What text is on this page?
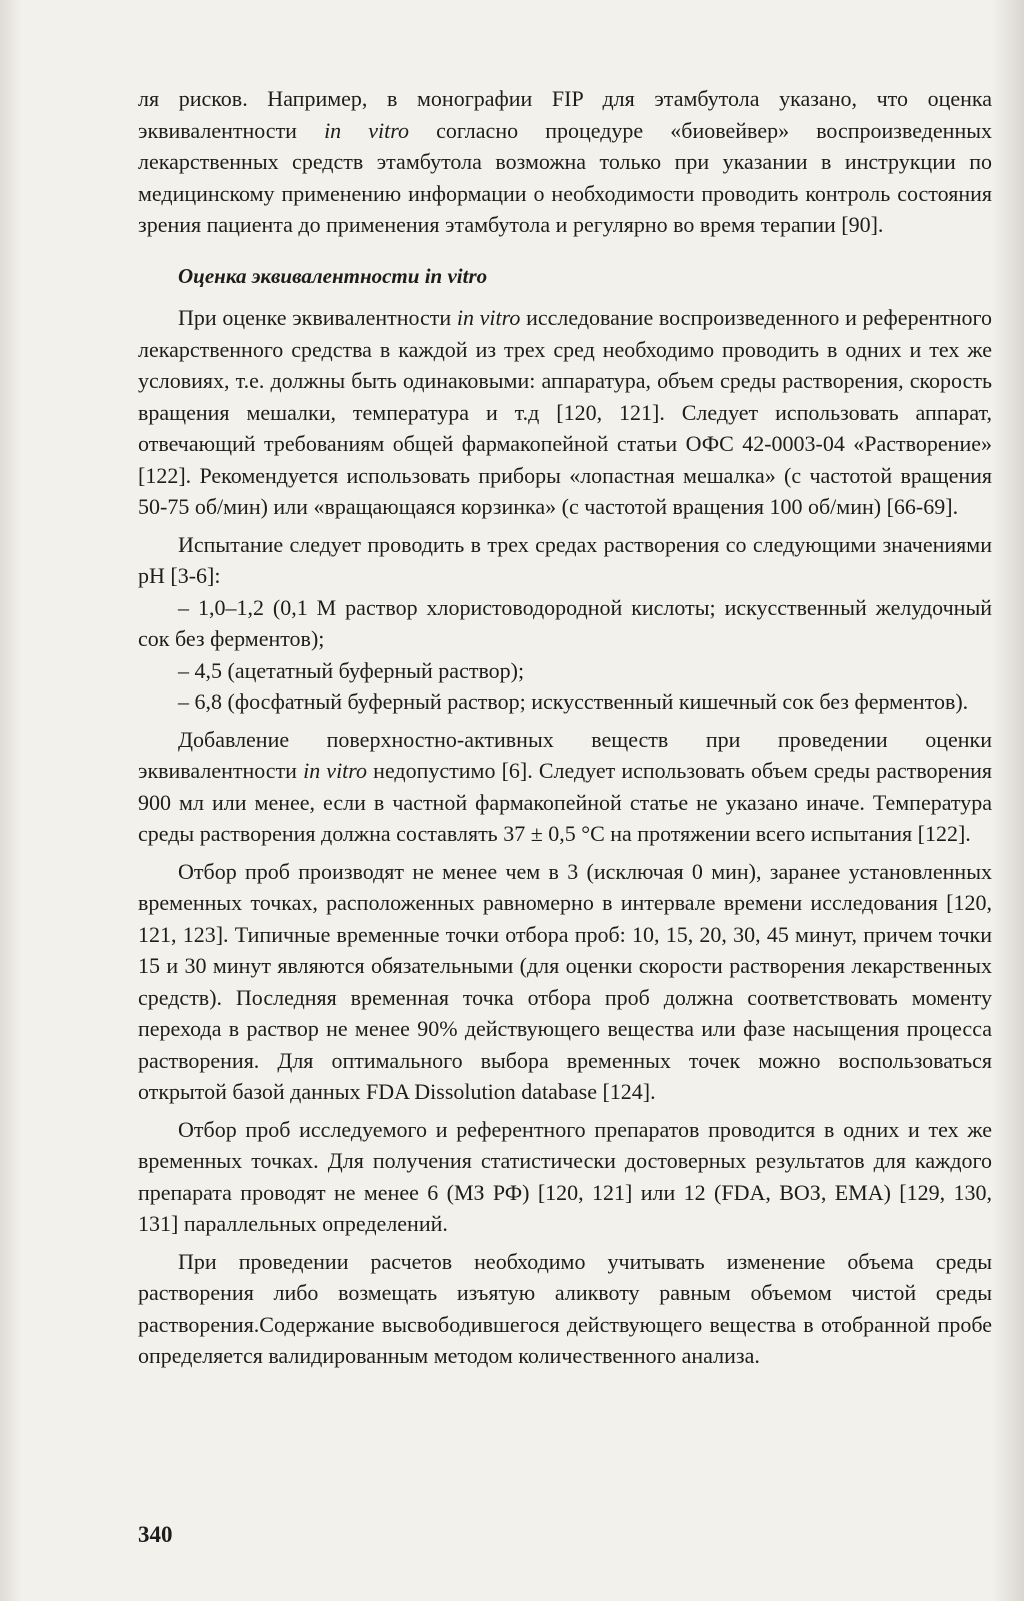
ля рисков. Например, в монографии FIP для этамбутола указано, что оценка эквивалентности in vitro согласно процедуре «биовейвер» воспроизведенных лекарственных средств этамбутола возможна только при указании в инструкции по медицинскому применению информации о необходимости проводить контроль состояния зрения пациента до применения этамбутола и регулярно во время терапии [90].

Оценка эквивалентности in vitro

При оценке эквивалентности in vitro исследование воспроизведенного и референтного лекарственного средства в каждой из трех сред необходимо проводить в одних и тех же условиях, т.е. должны быть одинаковыми: аппаратура, объем среды растворения, скорость вращения мешалки, температура и т.д [120, 121]. Следует использовать аппарат, отвечающий требованиям общей фармакопейной статьи ОФС 42-0003-04 «Растворение» [122]. Рекомендуется использовать приборы «лопастная мешалка» (с частотой вращения 50-75 об/мин) или «вращающаяся корзинка» (с частотой вращения 100 об/мин) [66-69].

Испытание следует проводить в трех средах растворения со следующими значениями рН [3-6]:

– 1,0–1,2 (0,1 М раствор хлористоводородной кислоты; искусственный желудочный сок без ферментов);

– 4,5 (ацетатный буферный раствор);

– 6,8 (фосфатный буферный раствор; искусственный кишечный сок без ферментов).

Добавление поверхностно-активных веществ при проведении оценки эквивалентности in vitro недопустимо [6]. Следует использовать объем среды растворения 900 мл или менее, если в частной фармакопейной статье не указано иначе. Температура среды растворения должна составлять 37 ± 0,5 °С на протяжении всего испытания [122].

Отбор проб производят не менее чем в 3 (исключая 0 мин), заранее установленных временных точках, расположенных равномерно в интервале времени исследования [120, 121, 123]. Типичные временные точки отбора проб: 10, 15, 20, 30, 45 минут, причем точки 15 и 30 минут являются обязательными (для оценки скорости растворения лекарственных средств). Последняя временная точка отбора проб должна соответствовать моменту перехода в раствор не менее 90% действующего вещества или фазе насыщения процесса растворения. Для оптимального выбора временных точек можно воспользоваться открытой базой данных FDA Dissolution database [124].

Отбор проб исследуемого и референтного препаратов проводится в одних и тех же временных точках. Для получения статистически достоверных результатов для каждого препарата проводят не менее 6 (МЗ РФ) [120, 121] или 12 (FDA, ВОЗ, ЕМА) [129, 130, 131] параллельных определений.

При проведении расчетов необходимо учитывать изменение объема среды растворения либо возмещать изъятую аликвоту равным объемом чистой среды растворения.Содержание высвободившегося действующего вещества в отобранной пробе определяется валидированным методом количественного анализа.

340
